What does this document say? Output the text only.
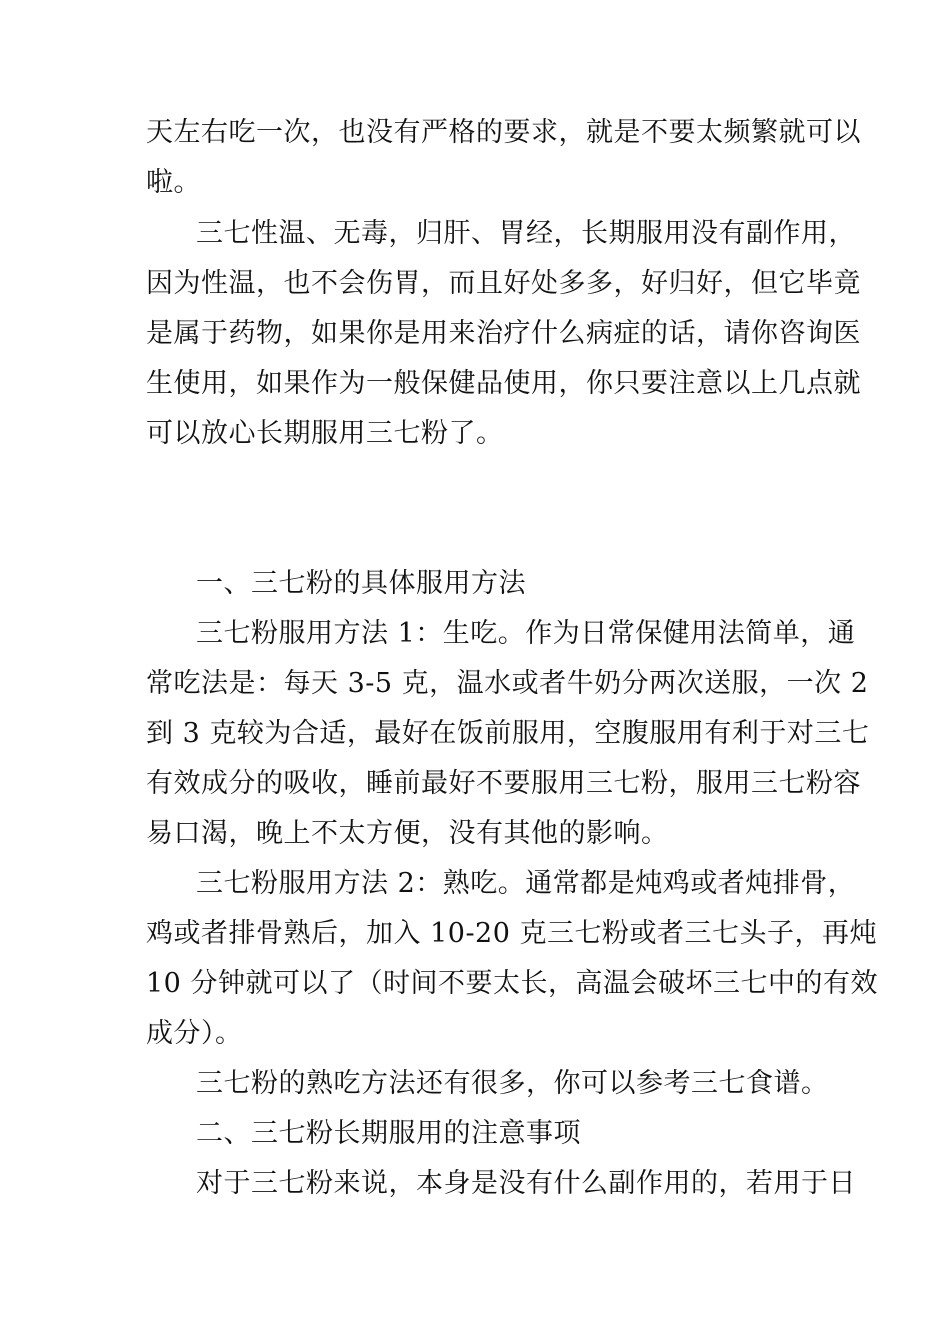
天左右吃一次，也没有严格的要求，就是不要太频繁就可以
啦。
三七性温、无毒，归肝、胃经，长期服用没有副作用，
因为性温，也不会伤胃，而且好处多多，好归好，但它毕竟
是属于药物，如果你是用来治疗什么病症的话，请你咨询医
生使用，如果作为一般保健品使用，你只要注意以上几点就
可以放心长期服用三七粉了。
一、三七粉的具体服用方法
三七粉服用方法 1：生吃。作为日常保健用法简单，通
常吃法是：每天 3-5 克，温水或者牛奶分两次送服，一次 2
到 3 克较为合适，最好在饭前服用，空腹服用有利于对三七
有效成分的吸收，睡前最好不要服用三七粉，服用三七粉容
易口渴，晚上不太方便，没有其他的影响。
三七粉服用方法 2：熟吃。通常都是炖鸡或者炖排骨，
鸡或者排骨熟后，加入 10-20 克三七粉或者三七头子，再炖
10 分钟就可以了（时间不要太长，高温会破坏三七中的有效
成分）。
三七粉的熟吃方法还有很多，你可以参考三七食谱。
二、三七粉长期服用的注意事项
对于三七粉来说，本身是没有什么副作用的，若用于日
